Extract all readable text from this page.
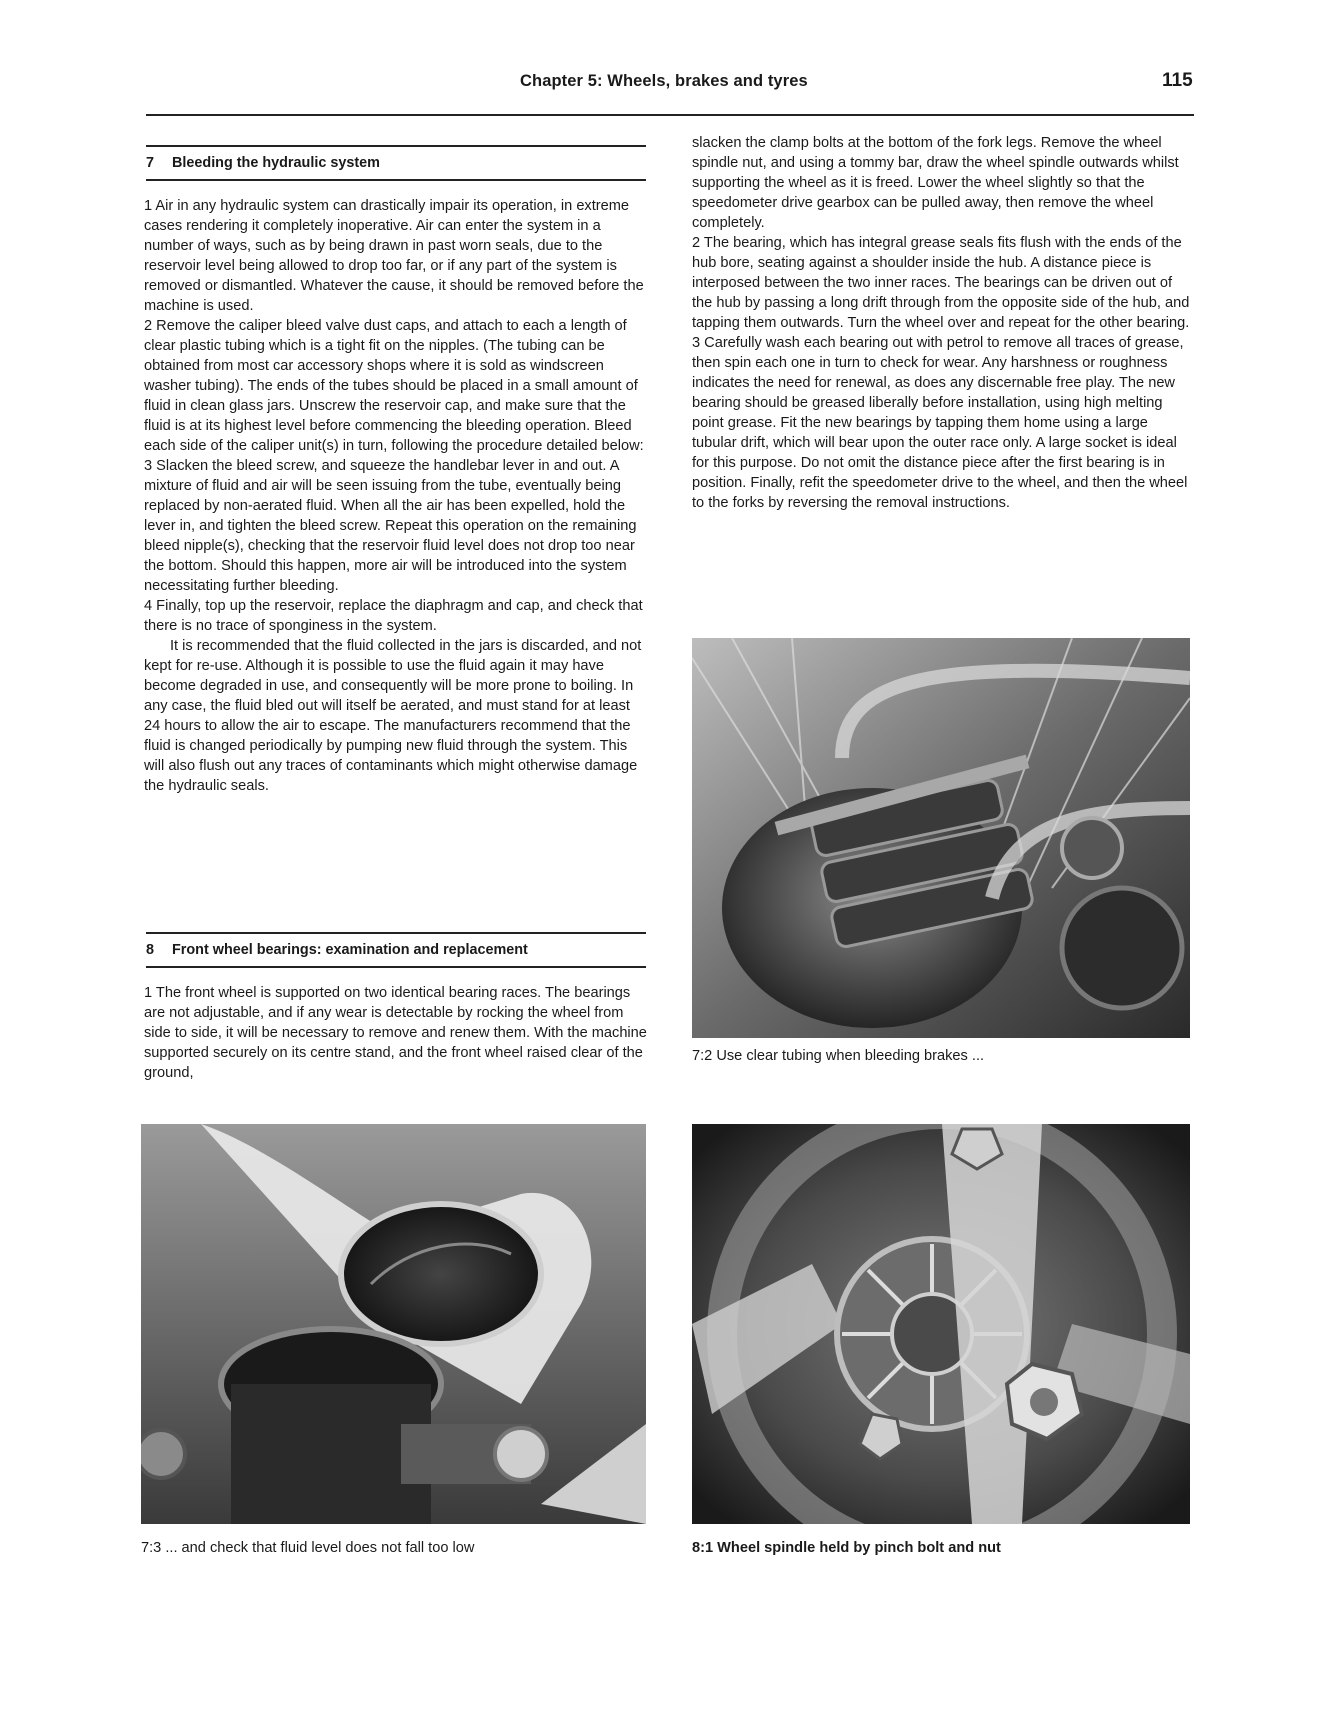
Chapter 5: Wheels, brakes and tyres	115
7 Bleeding the hydraulic system

1 Air in any hydraulic system can drastically impair its operation, in extreme cases rendering it completely inoperative. Air can enter the system in a number of ways, such as by being drawn in past worn seals, due to the reservoir level being allowed to drop too far, or if any part of the system is removed or dismantled. Whatever the cause, it should be removed before the machine is used.

2 Remove the caliper bleed valve dust caps, and attach to each a length of clear plastic tubing which is a tight fit on the nipples. (The tubing can be obtained from most car accessory shops where it is sold as windscreen washer tubing). The ends of the tubes should be placed in a small amount of fluid in clean glass jars. Unscrew the reservoir cap, and make sure that the fluid is at its highest level before commencing the bleeding operation. Bleed each side of the caliper unit(s) in turn, following the procedure detailed below:

3 Slacken the bleed screw, and squeeze the handlebar lever in and out. A mixture of fluid and air will be seen issuing from the tube, eventually being replaced by non-aerated fluid. When all the air has been expelled, hold the lever in, and tighten the bleed screw. Repeat this operation on the remaining bleed nipple(s), checking that the reservoir fluid level does not drop too near the bottom. Should this happen, more air will be introduced into the system necessitating further bleeding.

4 Finally, top up the reservoir, replace the diaphragm and cap, and check that there is no trace of sponginess in the system.

It is recommended that the fluid collected in the jars is discarded, and not kept for re-use. Although it is possible to use the fluid again it may have become degraded in use, and consequently will be more prone to boiling. In any case, the fluid bled out will itself be aerated, and must stand for at least 24 hours to allow the air to escape. The manufacturers recommend that the fluid is changed periodically by pumping new fluid through the system. This will also flush out any traces of contaminants which might otherwise damage the hydraulic seals.

8 Front wheel bearings: examination and replacement

1 The front wheel is supported on two identical bearing races. The bearings are not adjustable, and if any wear is detectable by rocking the wheel from side to side, it will be necessary to remove and renew them. With the machine supported securely on its centre stand, and the front wheel raised clear of the ground,

slacken the clamp bolts at the bottom of the fork legs. Remove the wheel spindle nut, and using a tommy bar, draw the wheel spindle outwards whilst supporting the wheel as it is freed. Lower the wheel slightly so that the speedometer drive gearbox can be pulled away, then remove the wheel completely.

2 The bearing, which has integral grease seals fits flush with the ends of the hub bore, seating against a shoulder inside the hub. A distance piece is interposed between the two inner races. The bearings can be driven out of the hub by passing a long drift through from the opposite side of the hub, and tapping them outwards. Turn the wheel over and repeat for the other bearing.

3 Carefully wash each bearing out with petrol to remove all traces of grease, then spin each one in turn to check for wear. Any harshness or roughness indicates the need for renewal, as does any discernable free play. The new bearing should be greased liberally before installation, using high melting point grease. Fit the new bearings by tapping them home using a large tubular drift, which will bear upon the outer race only. A large socket is ideal for this purpose. Do not omit the distance piece after the first bearing is in position. Finally, refit the speedometer drive to the wheel, and then the wheel to the forks by reversing the removal instructions.

7:2 Use clear tubing when bleeding brakes ...
7:3 ... and check that fluid level does not fall too low	8:1 Wheel spindle held by pinch bolt and nut
